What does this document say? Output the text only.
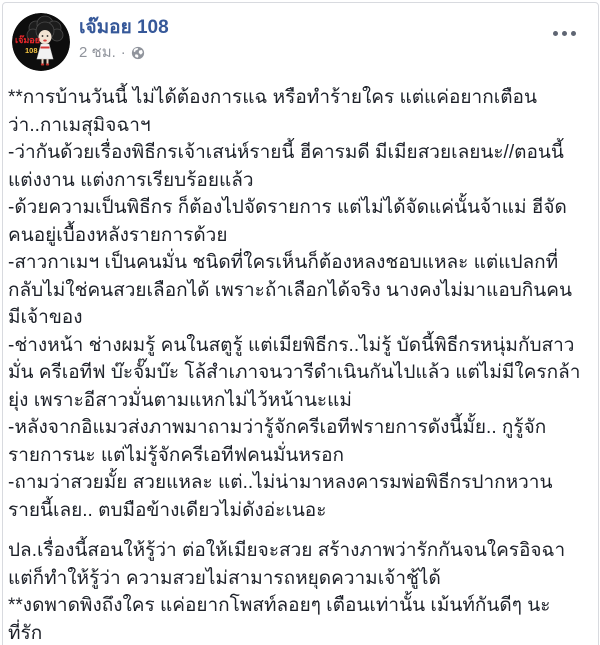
เจ๊มอย
108
เจ๊มอย 108
2 ชม. ·
**การบ้านวันนี้ ไม่ได้ต้องการแฉ หรือทำร้ายใคร แต่แค่อยากเตือน
ว่า..กาเมสุมิจฉาฯ
-ว่ากันด้วยเรื่องพิธีกรเจ้าเสน่ห์รายนี้ ฮีคารมดี มีเมียสวยเลยนะ//ตอนนี้
แต่งงาน แต่งการเรียบร้อยแล้ว
-ด้วยความเป็นพิธีกร ก็ต้องไปจัดรายการ แต่ไม่ได้จัดแค่นั้นจ้าแม่ ฮีจัด
คนอยู่เบื้องหลังรายการด้วย
-สาวกาเมฯ เป็นคนมั่น ชนิดที่ใครเห็นก็ต้องหลงชอบแหละ แต่แปลกที่
กลับไม่ใช่คนสวยเลือกได้ เพราะถ้าเลือกได้จริง นางคงไม่มาแอบกินคน
มีเจ้าของ
-ช่างหน้า ช่างผมรู้ คนในสตูรู้ แต่เมียพิธีกร..ไม่รู้ บัดนี้พิธีกรหนุ่มกับสาว
มั่น ครีเอทีฟ บ๊ะจั๊มบ๊ะ โล้สำเภาจนวารีดำเนินกันไปแล้ว แต่ไม่มีใครกล้า
ยุ่ง เพราะอีสาวมั่นตามแหกไม่ไว้หน้านะแม่
-หลังจากอิแมวส่งภาพมาถามว่ารู้จักครีเอทีฟรายการดังนี้มั้ย.. กูรู้จัก
รายการนะ แต่ไม่รู้จักครีเอทีฟคนมั่นหรอก
-ถามว่าสวยมั้ย สวยแหละ แต่..ไม่น่ามาหลงคารมพ่อพิธีกรปากหวาน
รายนี้เลย.. ตบมือข้างเดียวไม่ดังอ่ะเนอะ
ปล.เรื่องนี้สอนให้รู้ว่า ต่อให้เมียจะสวย สร้างภาพว่ารักกันจนใครอิจฉา
แต่ก็ทำให้รู้ว่า ความสวยไม่สามารถหยุดความเจ้าชู้ได้
**งดพาดพิงถึงใคร แค่อยากโพสท์ลอยๆ เตือนเท่านั้น เม้นท์กันดีๆ นะ
ที่รัก
